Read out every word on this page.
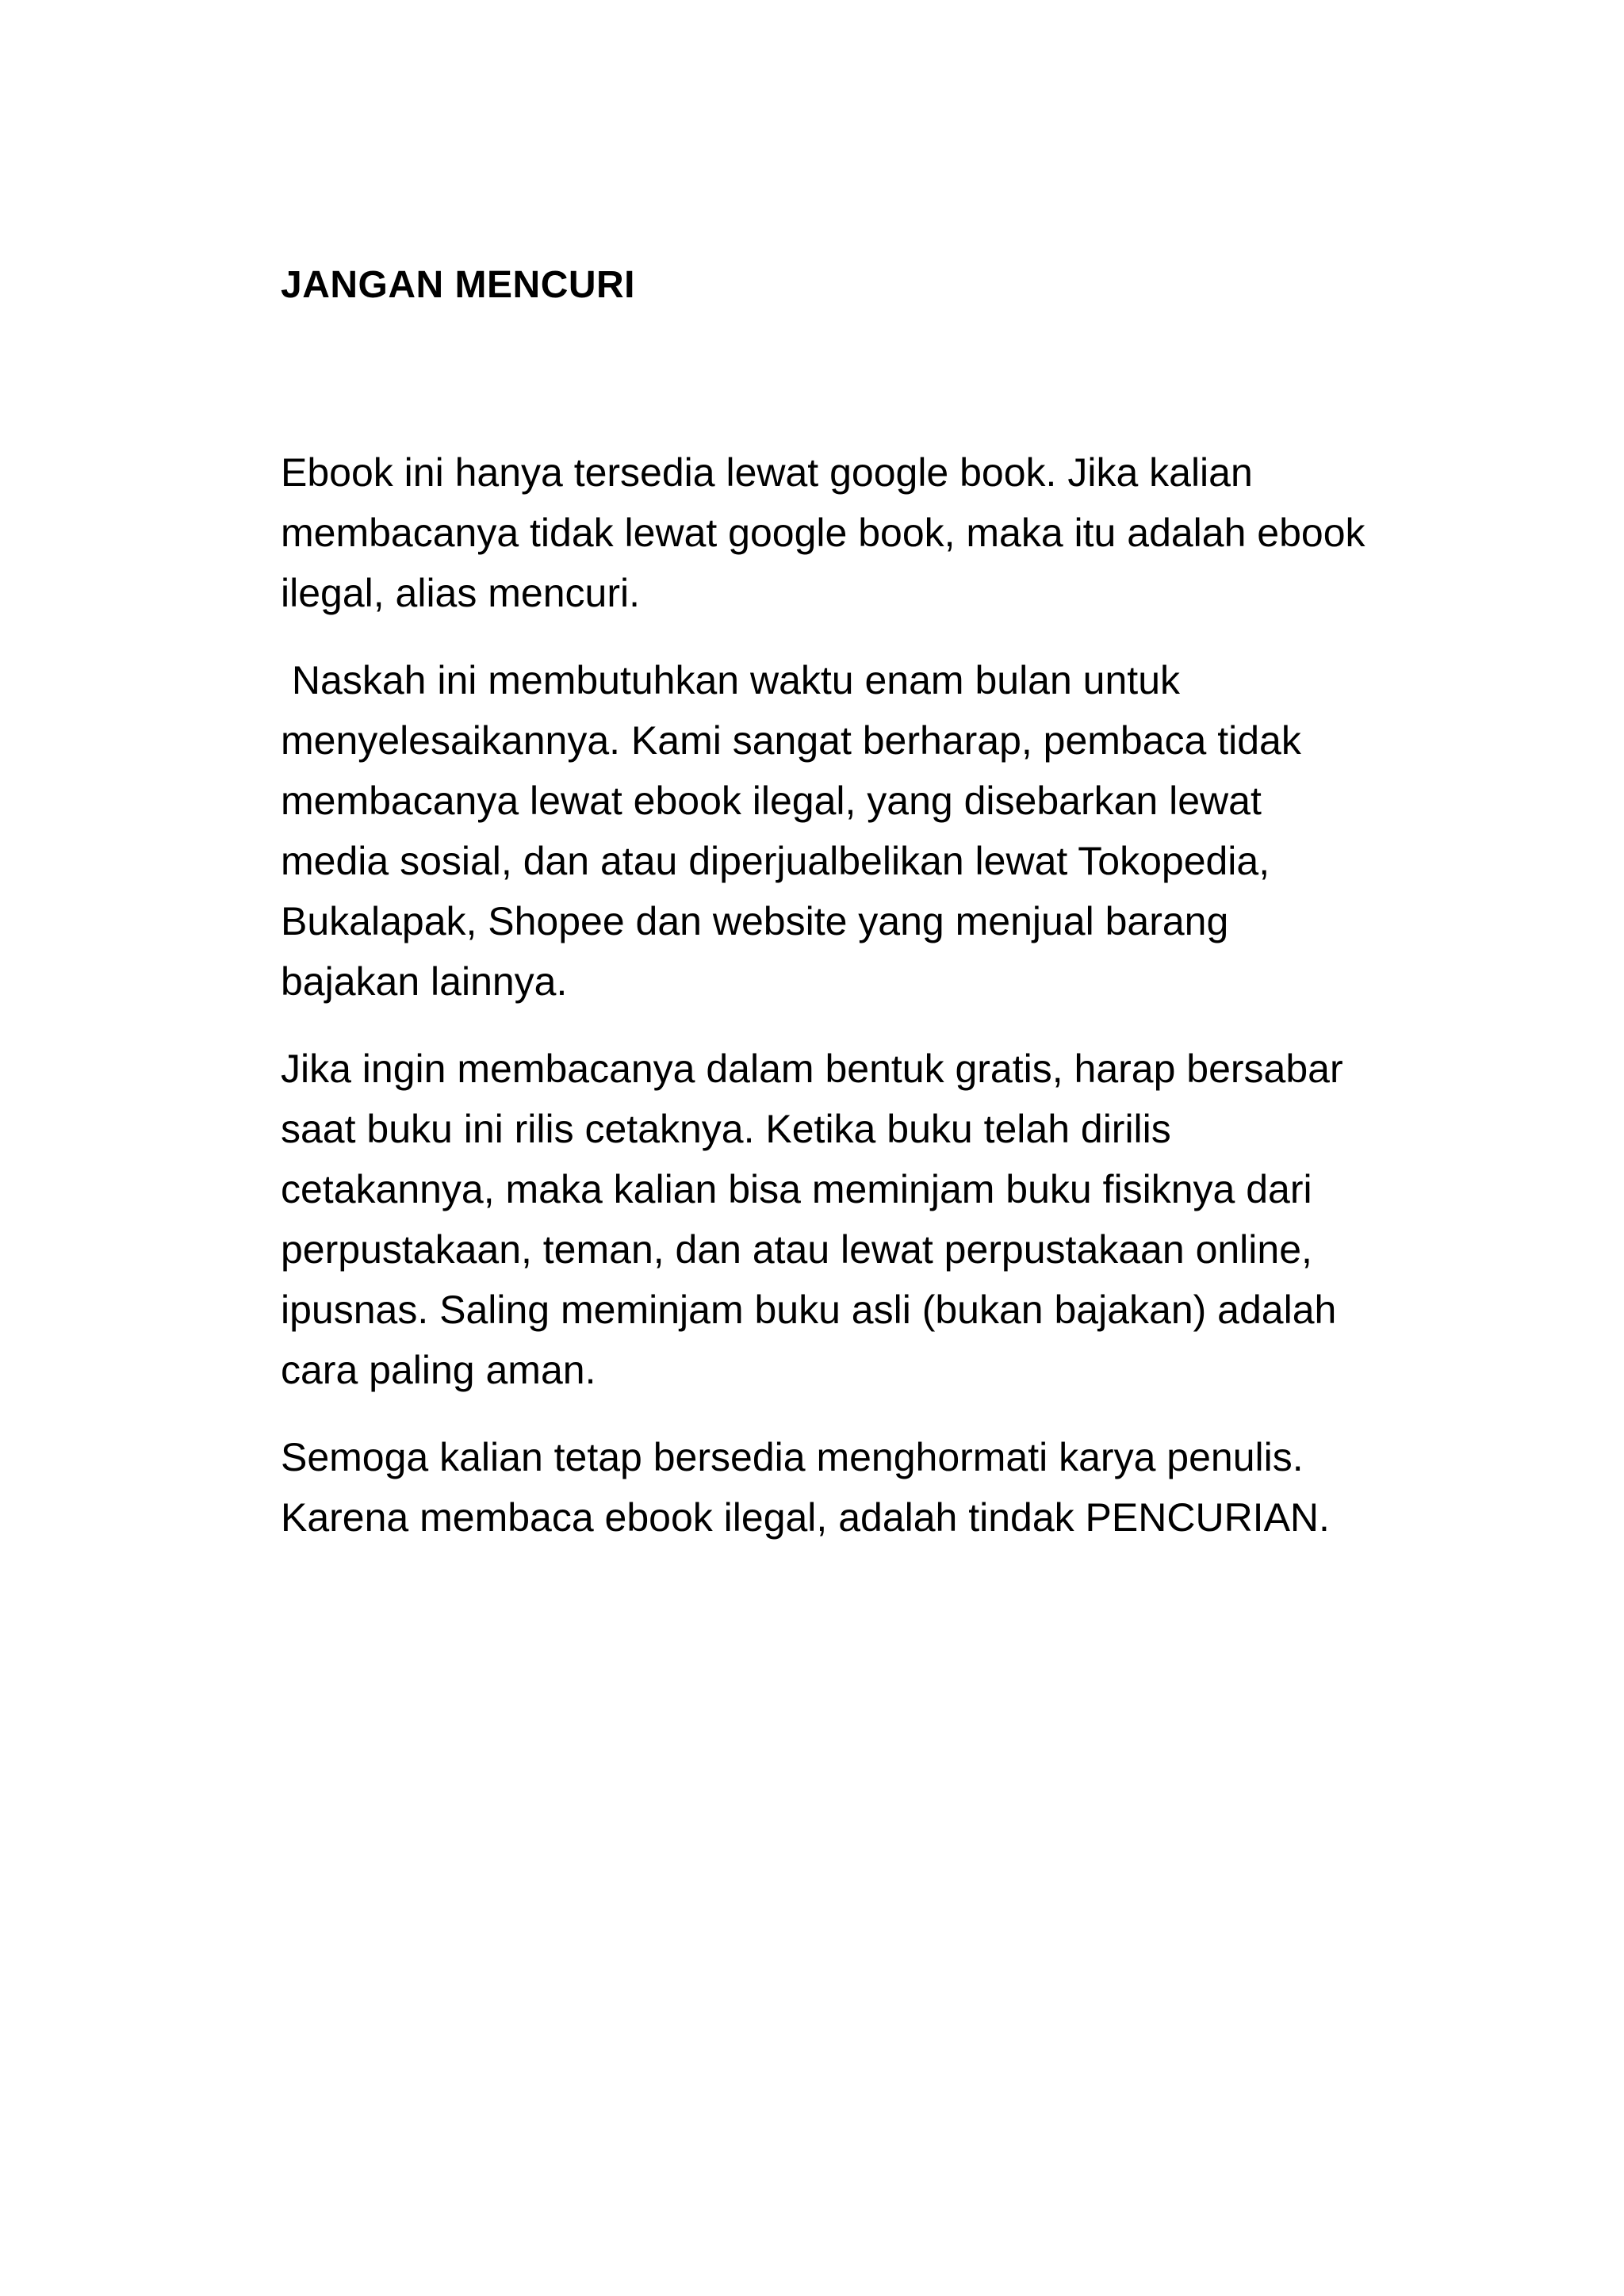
JANGAN MENCURI

Ebook ini hanya tersedia lewat google book. Jika kalian membacanya tidak lewat google book, maka itu adalah ebook ilegal, alias mencuri.

Naskah ini membutuhkan waktu enam bulan untuk menyelesaikannya. Kami sangat berharap, pembaca tidak membacanya lewat ebook ilegal, yang disebarkan lewat media sosial, dan atau diperjualbelikan lewat Tokopedia, Bukalapak, Shopee dan website yang menjual barang bajakan lainnya.

Jika ingin membacanya dalam bentuk gratis, harap bersabar saat buku ini rilis cetaknya. Ketika buku telah dirilis cetakannya, maka kalian bisa meminjam buku fisiknya dari perpustakaan, teman, dan atau lewat perpustakaan online, ipusnas. Saling meminjam buku asli (bukan bajakan) adalah cara paling aman.

Semoga kalian tetap bersedia menghormati karya penulis. Karena membaca ebook ilegal, adalah tindak PENCURIAN.
